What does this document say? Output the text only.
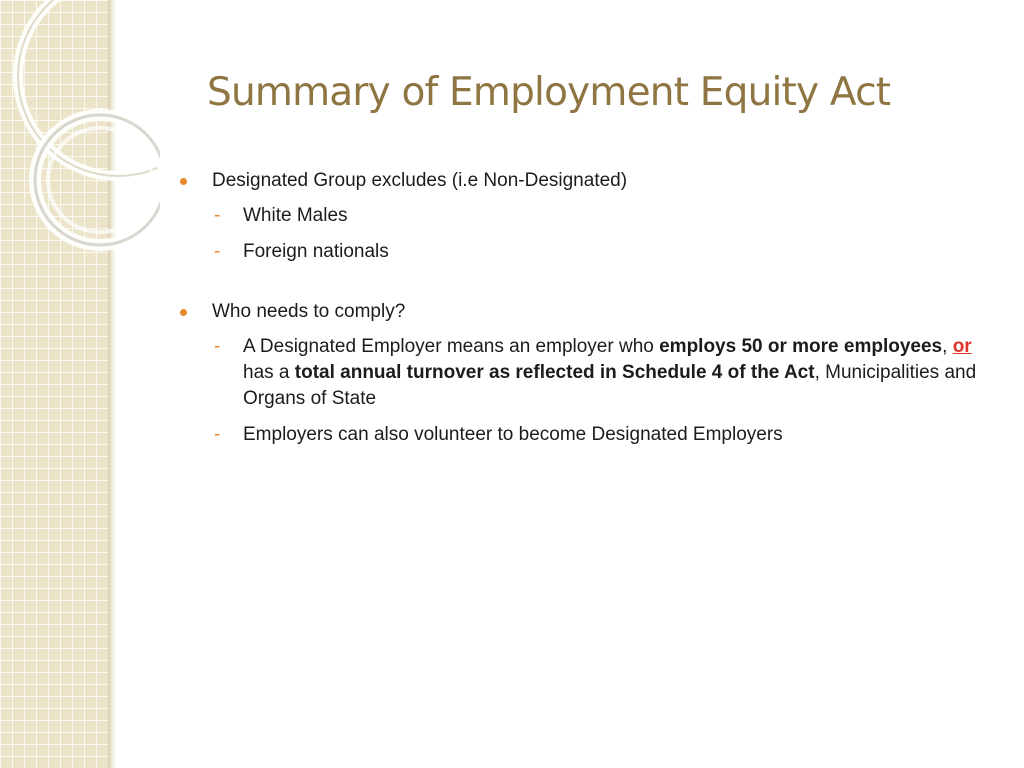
Summary of Employment Equity Act
Designated Group excludes (i.e Non-Designated)
- White Males
- Foreign nationals
Who needs to comply?
- A Designated Employer means an employer who employs 50 or more employees, or has a total annual turnover as reflected in Schedule 4 of the Act, Municipalities and Organs of State
- Employers can also volunteer to become Designated Employers
